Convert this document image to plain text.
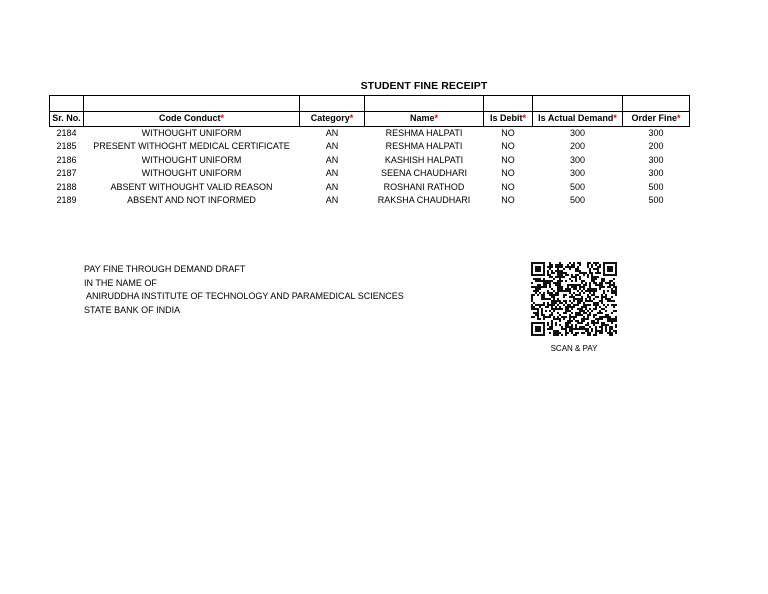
STUDENT FINE RECEIPT

Sr. No.	Code Conduct*	Category*	Name*	Is Debit*	Is Actual Demand*	Order Fine*
2184	WITHOUGHT UNIFORM	AN	RESHMA HALPATI	NO	300	300
2185	PRESENT WITHOGHT MEDICAL CERTIFICATE	AN	RESHMA HALPATI	NO	200	200
2186	WITHOUGHT UNIFORM	AN	KASHISH HALPATI	NO	300	300
2187	WITHOUGHT UNIFORM	AN	SEENA CHAUDHARI	NO	300	300
2188	ABSENT WITHOUGHT VALID REASON	AN	ROSHANI RATHOD	NO	500	500
2189	ABSENT AND NOT INFORMED	AN	RAKSHA CHAUDHARI	NO	500	500
PAY FINE THROUGH DEMAND DRAFT
IN THE NAME OF
ANIRUDDHA INSTITUTE OF TECHNOLOGY AND PARAMEDICAL SCIENCES
STATE BANK OF INDIA
SCAN & PAY
